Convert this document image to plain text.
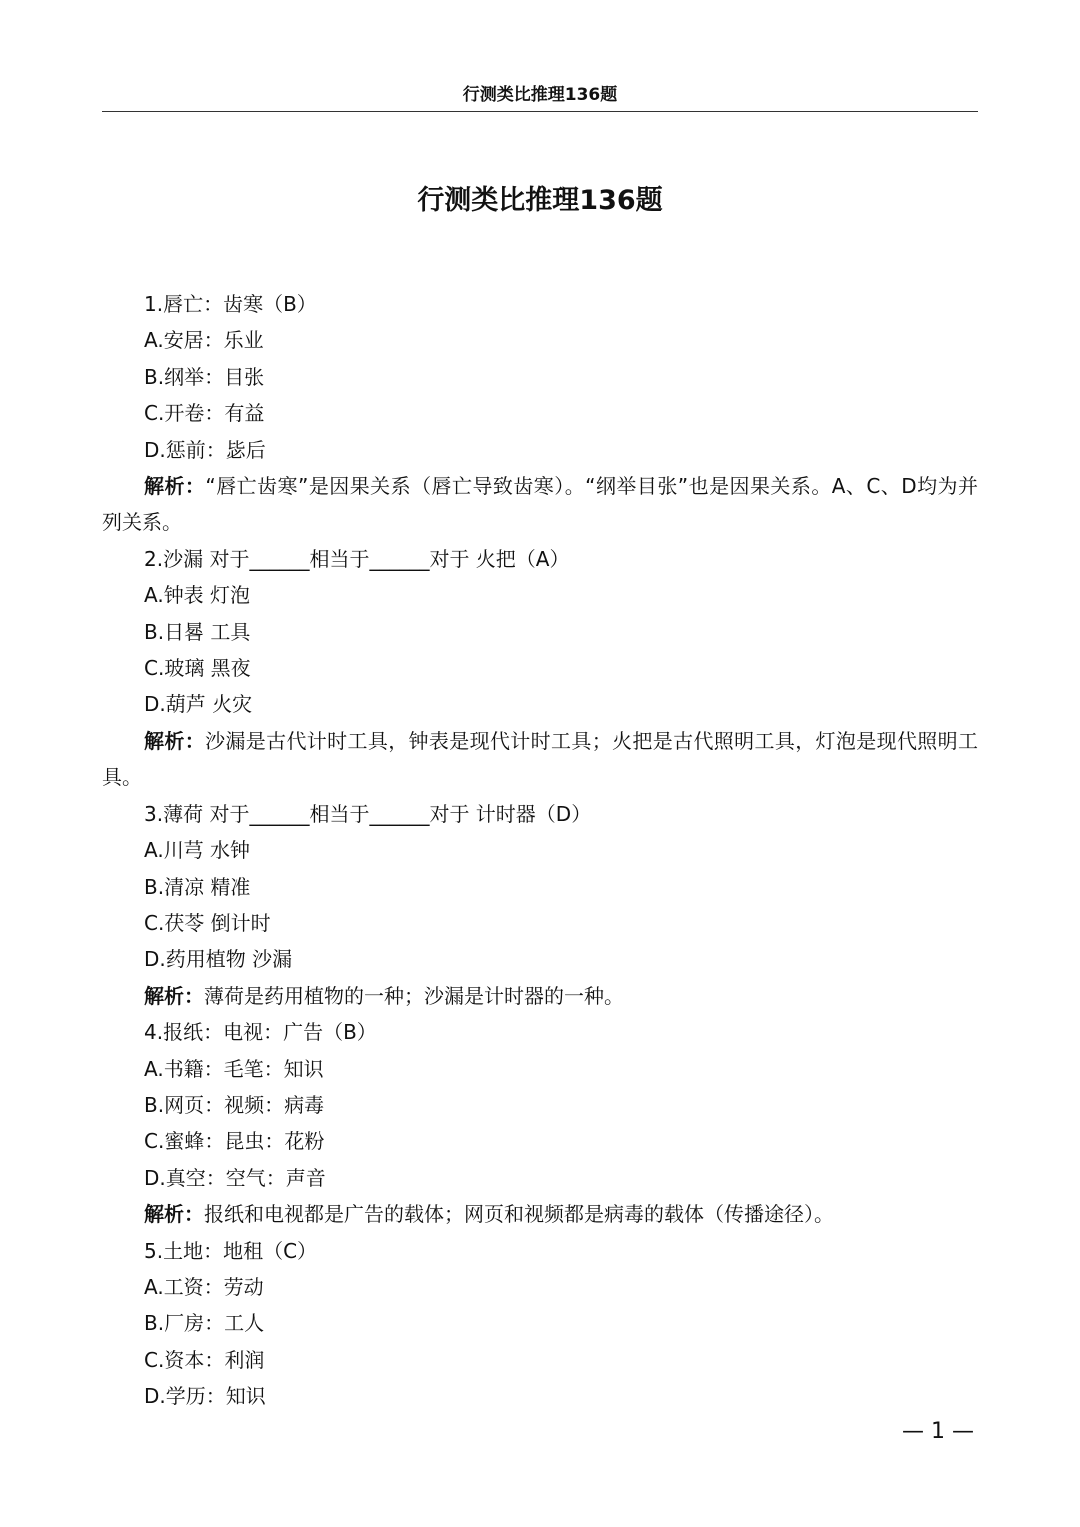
行测类比推理136题
行测类比推理136题
1.唇亡：齿寒（B）
A.安居：乐业
B.纲举：目张
C.开卷：有益
D.惩前：毖后
解析：“唇亡齿寒”是因果关系（唇亡导致齿寒）。“纲举目张”也是因果关系。A、C、D均为并列关系。
2.沙漏 对于______相当于______对于 火把（A）
A.钟表 灯泡
B.日晷 工具
C.玻璃 黑夜
D.葫芦 火灾
解析：沙漏是古代计时工具，钟表是现代计时工具；火把是古代照明工具，灯泡是现代照明工具。
3.薄荷 对于______相当于______对于 计时器（D）
A.川芎 水钟
B.清凉 精准
C.茯苓 倒计时
D.药用植物 沙漏
解析：薄荷是药用植物的一种；沙漏是计时器的一种。
4.报纸：电视：广告（B）
A.书籍：毛笔：知识
B.网页：视频：病毒
C.蜜蜂：昆虫：花粉
D.真空：空气：声音
解析：报纸和电视都是广告的载体；网页和视频都是病毒的载体（传播途径）。
5.土地：地租（C）
A.工资：劳动
B.厂房：工人
C.资本：利润
D.学历：知识
— 1 —
